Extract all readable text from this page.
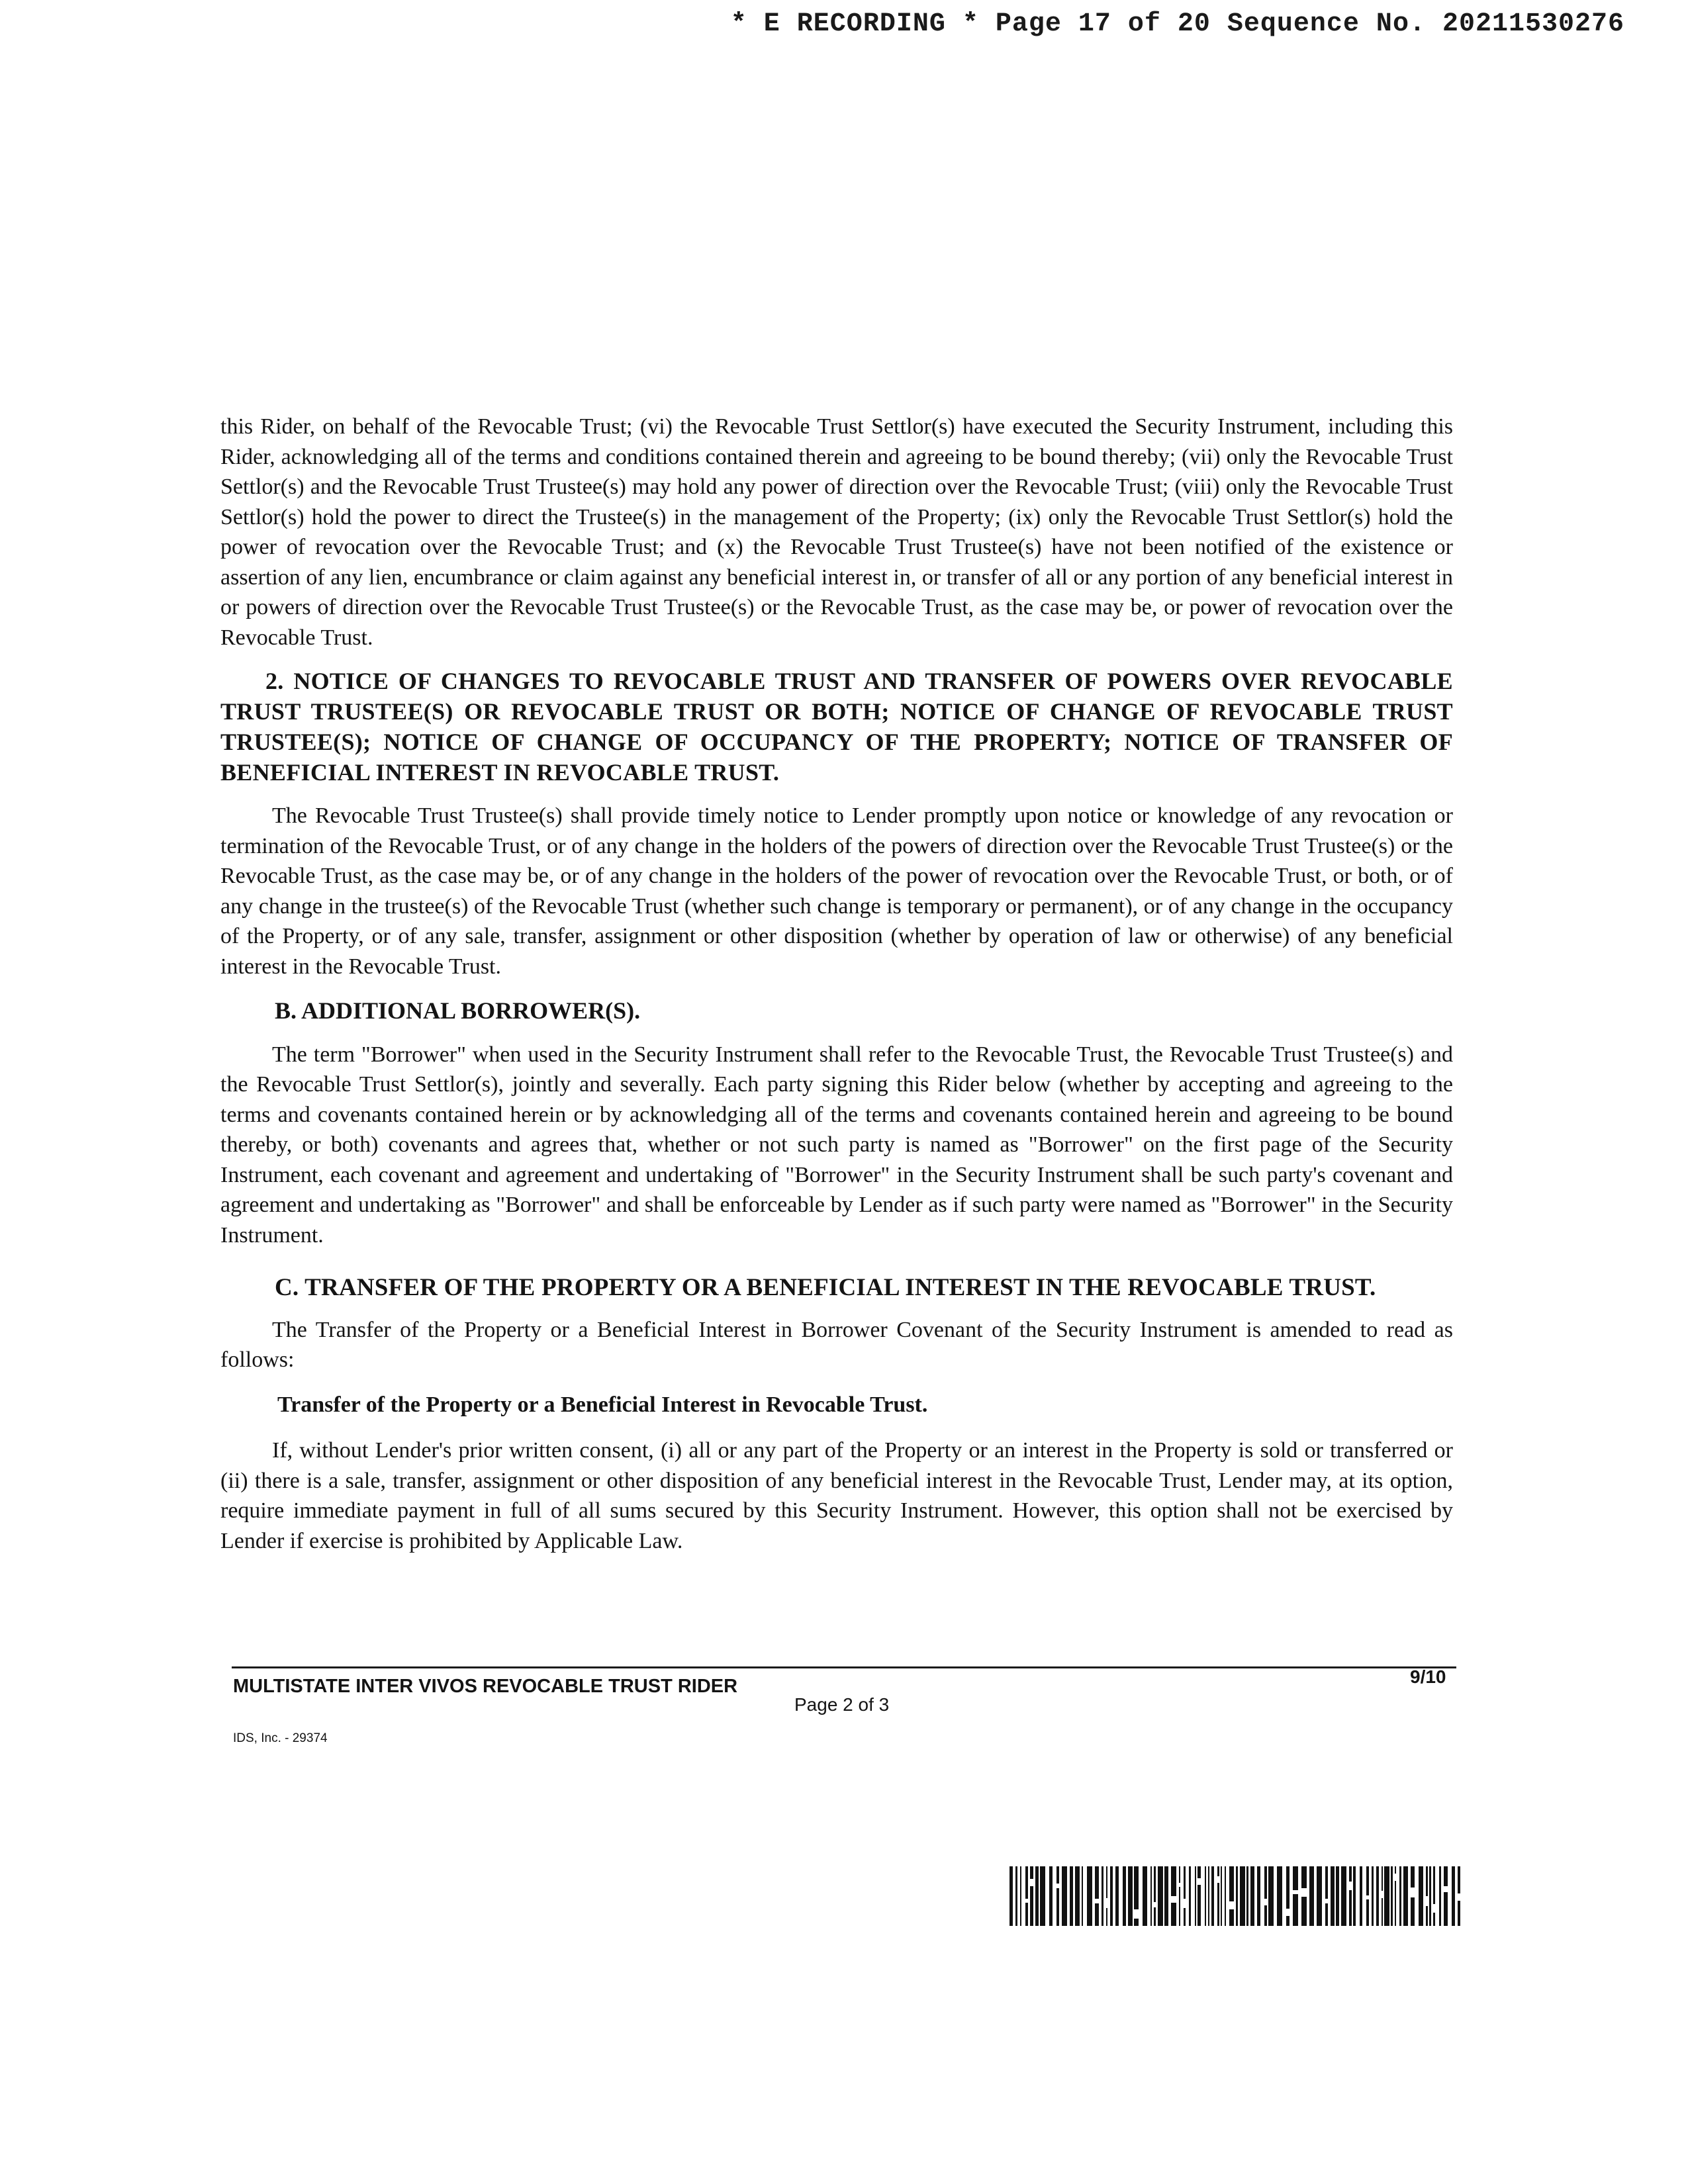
* E RECORDING * Page 17 of 20 Sequence No. 20211530276

this Rider, on behalf of the Revocable Trust; (vi) the Revocable Trust Settlor(s) have executed the Security Instrument, including this Rider, acknowledging all of the terms and conditions contained therein and agreeing to be bound thereby; (vii) only the Revocable Trust Settlor(s) and the Revocable Trust Trustee(s) may hold any power of direction over the Revocable Trust; (viii) only the Revocable Trust Settlor(s) hold the power to direct the Trustee(s) in the management of the Property; (ix) only the Revocable Trust Settlor(s) hold the power of revocation over the Revocable Trust; and (x) the Revocable Trust Trustee(s) have not been notified of the existence or assertion of any lien, encumbrance or claim against any beneficial interest in, or transfer of all or any portion of any beneficial interest in or powers of direction over the Revocable Trust Trustee(s) or the Revocable Trust, as the case may be, or power of revocation over the Revocable Trust.

2. NOTICE OF CHANGES TO REVOCABLE TRUST AND TRANSFER OF POWERS OVER REVOCABLE TRUST TRUSTEE(S) OR REVOCABLE TRUST OR BOTH; NOTICE OF CHANGE OF REVOCABLE TRUST TRUSTEE(S); NOTICE OF CHANGE OF OCCUPANCY OF THE PROPERTY; NOTICE OF TRANSFER OF BENEFICIAL INTEREST IN REVOCABLE TRUST.

The Revocable Trust Trustee(s) shall provide timely notice to Lender promptly upon notice or knowledge of any revocation or termination of the Revocable Trust, or of any change in the holders of the powers of direction over the Revocable Trust Trustee(s) or the Revocable Trust, as the case may be, or of any change in the holders of the power of revocation over the Revocable Trust, or both, or of any change in the trustee(s) of the Revocable Trust (whether such change is temporary or permanent), or of any change in the occupancy of the Property, or of any sale, transfer, assignment or other disposition (whether by operation of law or otherwise) of any beneficial interest in the Revocable Trust.

B. ADDITIONAL BORROWER(S).

The term "Borrower" when used in the Security Instrument shall refer to the Revocable Trust, the Revocable Trust Trustee(s) and the Revocable Trust Settlor(s), jointly and severally. Each party signing this Rider below (whether by accepting and agreeing to the terms and covenants contained herein or by acknowledging all of the terms and covenants contained herein and agreeing to be bound thereby, or both) covenants and agrees that, whether or not such party is named as "Borrower" on the first page of the Security Instrument, each covenant and agreement and undertaking of "Borrower" in the Security Instrument shall be such party's covenant and agreement and undertaking as "Borrower" and shall be enforceable by Lender as if such party were named as "Borrower" in the Security Instrument.

C. TRANSFER OF THE PROPERTY OR A BENEFICIAL INTEREST IN THE REVOCABLE TRUST.

The Transfer of the Property or a Beneficial Interest in Borrower Covenant of the Security Instrument is amended to read as follows:

Transfer of the Property or a Beneficial Interest in Revocable Trust.

If, without Lender's prior written consent, (i) all or any part of the Property or an interest in the Property is sold or transferred or (ii) there is a sale, transfer, assignment or other disposition of any beneficial interest in the Revocable Trust, Lender may, at its option, require immediate payment in full of all sums secured by this Security Instrument. However, this option shall not be exercised by Lender if exercise is prohibited by Applicable Law.

MULTISTATE INTER VIVOS REVOCABLE TRUST RIDER
Page 2 of 3
9/10
IDS, Inc. - 29374
